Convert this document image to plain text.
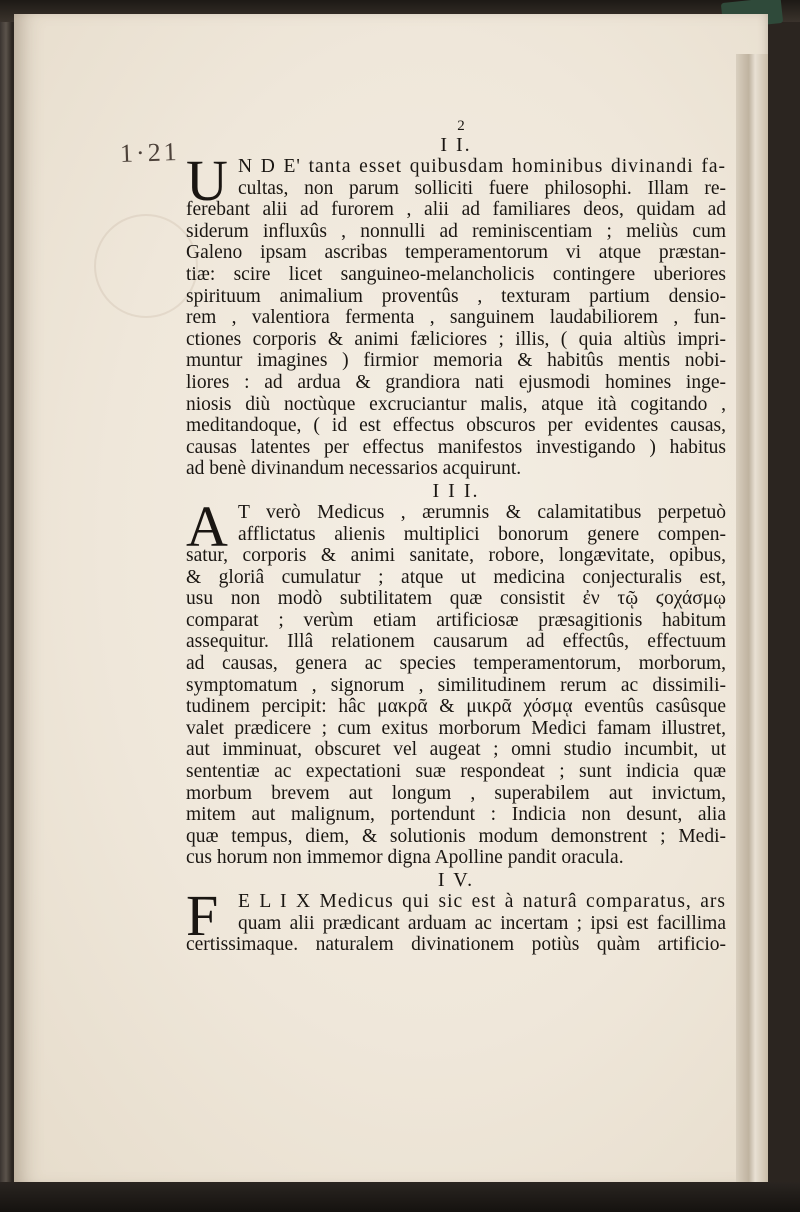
1·21
2
I I.
U N D E' tanta esset quibusdam hominibus divinandi fa-
cultas, non parum solliciti fuere philosophi. Illam re-
ferebant alii ad furorem , alii ad familiares deos, quidam ad
siderum influxûs , nonnulli ad reminiscentiam ; meliùs cum
Galeno ipsam ascribas temperamentorum vi atque præstan-
tiæ: scire licet sanguineo-melancholicis contingere uberiores
spirituum animalium proventûs , texturam partium densio-
rem , valentiora fermenta , sanguinem laudabiliorem , fun-
ctiones corporis & animi fæliciores ; illis, ( quia altiùs impri-
muntur imagines ) firmior memoria & habitûs mentis nobi-
liores : ad ardua & grandiora nati ejusmodi homines inge-
niosis diù noctùque excruciantur malis, atque ità cogitando ,
meditandoque, ( id est effectus obscuros per evidentes causas,
causas latentes per effectus manifestos investigando ) habitus
ad benè divinandum necessarios acquirunt.
I I I.
A T verò Medicus , ærumnis & calamitatibus perpetuò
afflictatus alienis multiplici bonorum genere compen-
satur, corporis & animi sanitate, robore, longævitate, opibus,
& gloriâ cumulatur ; atque ut medicina conjecturalis est,
usu non modò subtilitatem quæ consistit ἐν τῷ ϛοχάσμῳ
comparat ; verùm etiam artificiosæ præsagitionis habitum
assequitur. Illâ relationem causarum ad effectûs, effectuum
ad causas, genera ac species temperamentorum, morborum,
symptomatum , signorum , similitudinem rerum ac dissimili-
tudinem percipit: hâc μακρᾶ & μικρᾶ χόσμᾳ eventûs casûsque
valet prædicere ; cum exitus morborum Medici famam illustret,
aut imminuat, obscuret vel augeat ; omni studio incumbit, ut
sententiæ ac expectationi suæ respondeat ; sunt indicia quæ
morbum brevem aut longum , superabilem aut invictum,
mitem aut malignum, portendunt : Indicia non desunt, alia
quæ tempus, diem, & solutionis modum demonstrent ; Medi-
cus horum non immemor digna Apolline pandit oracula.
I V.
F	E L I X Medicus qui sic est à naturâ comparatus, ars
quam alii prædicant arduam ac incertam ; ipsi est facillima
certissimaque. naturalem divinationem potiùs quàm artificio-
